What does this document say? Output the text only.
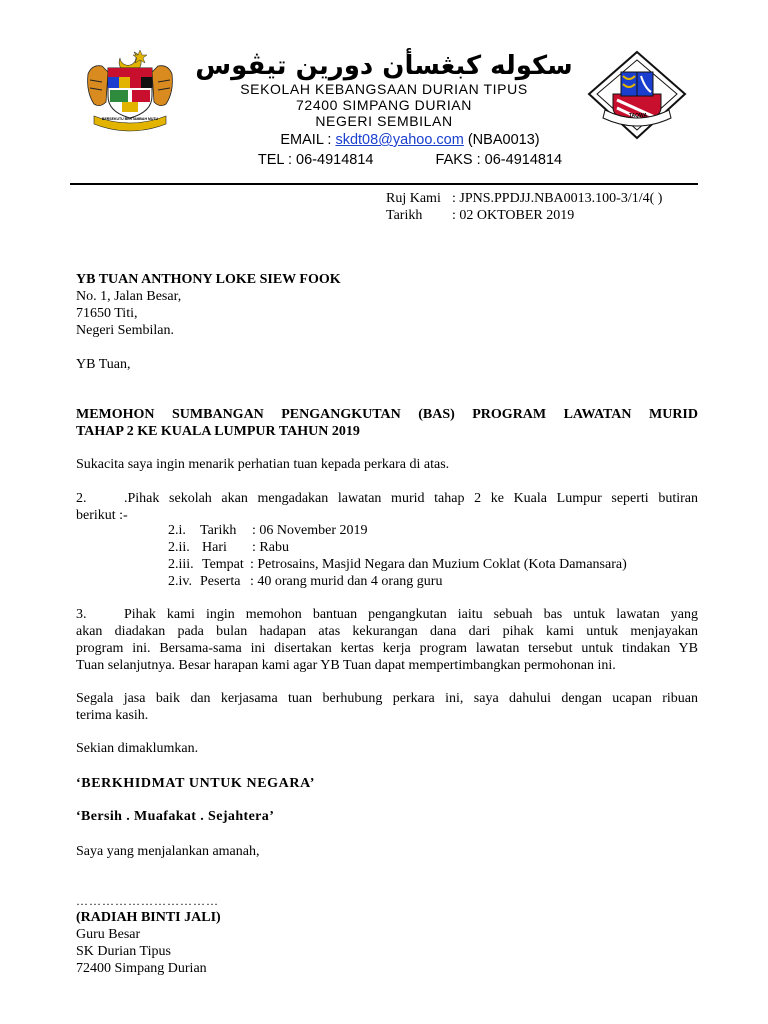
BERSEKUTU BERTAMBAH MUTU
سكوله كبڠسأن دورين تيڤوس
SEKOLAH KEBANGSAAN DURIAN TIPUS
72400 SIMPANG DURIAN
NEGERI SEMBILAN	TAQWA
EMAIL : skdt08@yahoo.com (NBA0013)
TEL : 06-4914814	FAKS : 06-4914814
Ruj Kami : JPNS.PPDJJ.NBA0013.100-3/1/4( )
Tarikh : 02 OKTOBER 2019
YB TUAN ANTHONY LOKE SIEW FOOK
No. 1, Jalan Besar,
71650 Titi,
Negeri Sembilan.
YB Tuan,
MEMOHON SUMBANGAN PENGANGKUTAN (BAS) PROGRAM LAWATAN MURID
TAHAP 2 KE KUALA LUMPUR TAHUN 2019
Sukacita saya ingin menarik perhatian tuan kepada perkara di atas.
2.	.Pihak sekolah akan mengadakan lawatan murid tahap 2 ke Kuala Lumpur seperti butiran
berikut :-
2.i. Tarikh : 06 November 2019
2.ii. Hari : Rabu
2.iii. Tempat : Petrosains, Masjid Negara dan Muzium Coklat (Kota Damansara)
2.iv. Peserta : 40 orang murid dan 4 orang guru
3.	Pihak kami ingin memohon bantuan pengangkutan iaitu sebuah bas untuk lawatan yang
akan diadakan pada bulan hadapan atas kekurangan dana dari pihak kami untuk menjayakan
program ini. Bersama-sama ini disertakan kertas kerja program lawatan tersebut untuk tindakan YB
Tuan selanjutnya. Besar harapan kami agar YB Tuan dapat mempertimbangkan permohonan ini.
Segala jasa baik dan kerjasama tuan berhubung perkara ini, saya dahului dengan ucapan ribuan
terima kasih.
Sekian dimaklumkan.
‘BERKHIDMAT UNTUK NEGARA’
‘Bersih . Muafakat . Sejahtera’
Saya yang menjalankan amanah,
……………………………
(RADIAH BINTI JALI)
Guru Besar
SK Durian Tipus
72400 Simpang Durian
